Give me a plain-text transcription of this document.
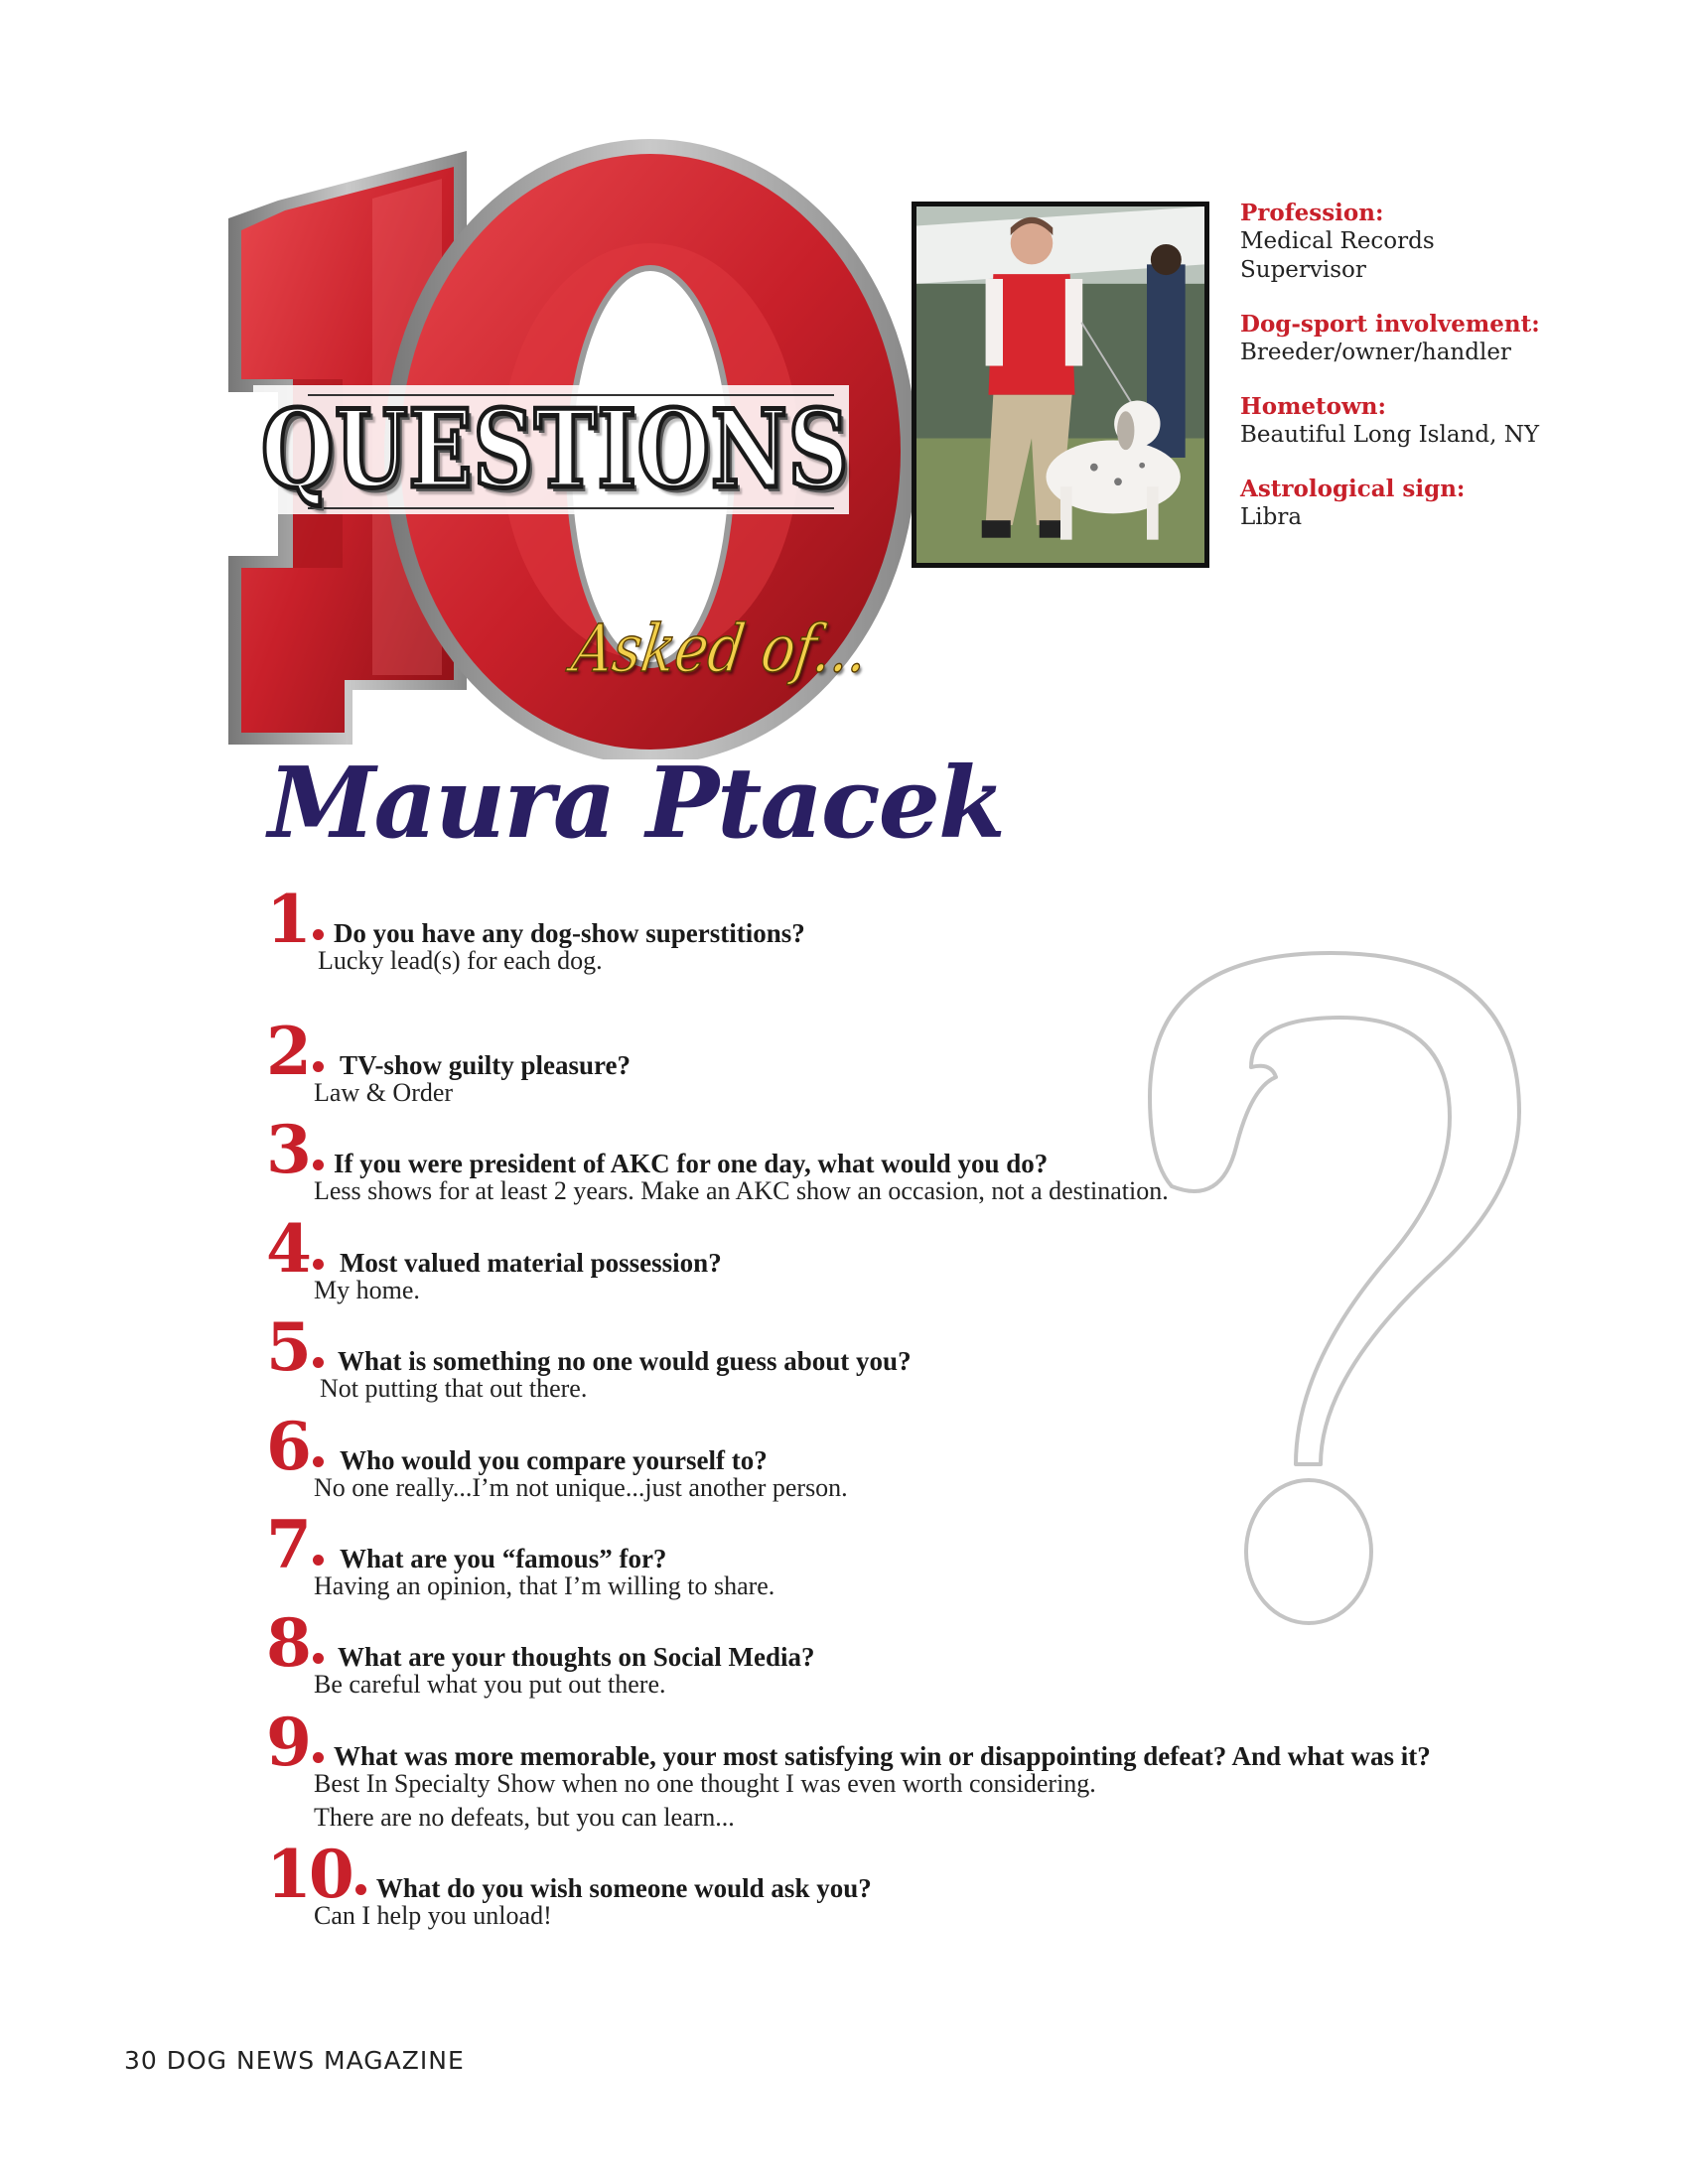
QUESTIONS
Asked of...
Maura Ptacek
Profession:
Medical Records
Supervisor
Dog-sport involvement:
Breeder/owner/handler
Hometown:
Beautiful Long Island, NY
Astrological sign:
Libra
1 Do you have any dog-show superstitions?
Lucky lead(s) for each dog.
2 TV-show guilty pleasure?
Law & Order
3 If you were president of AKC for one day, what would you do?
Less shows for at least 2 years. Make an AKC show an occasion, not a destination.
4 Most valued material possession?
My home.
5 What is something no one would guess about you?
Not putting that out there.
6 Who would you compare yourself to?
No one really...I’m not unique...just another person.
7 What are you “famous” for?
Having an opinion, that I’m willing to share.
8 What are your thoughts on Social Media?
Be careful what you put out there.
9 What was more memorable, your most satisfying win or disappointing defeat? And what was it?
Best In Specialty Show when no one thought I was even worth considering.
There are no defeats, but you can learn...
10 What do you wish someone would ask you?
Can I help you unload!
30 DOG NEWS MAGAZINE
